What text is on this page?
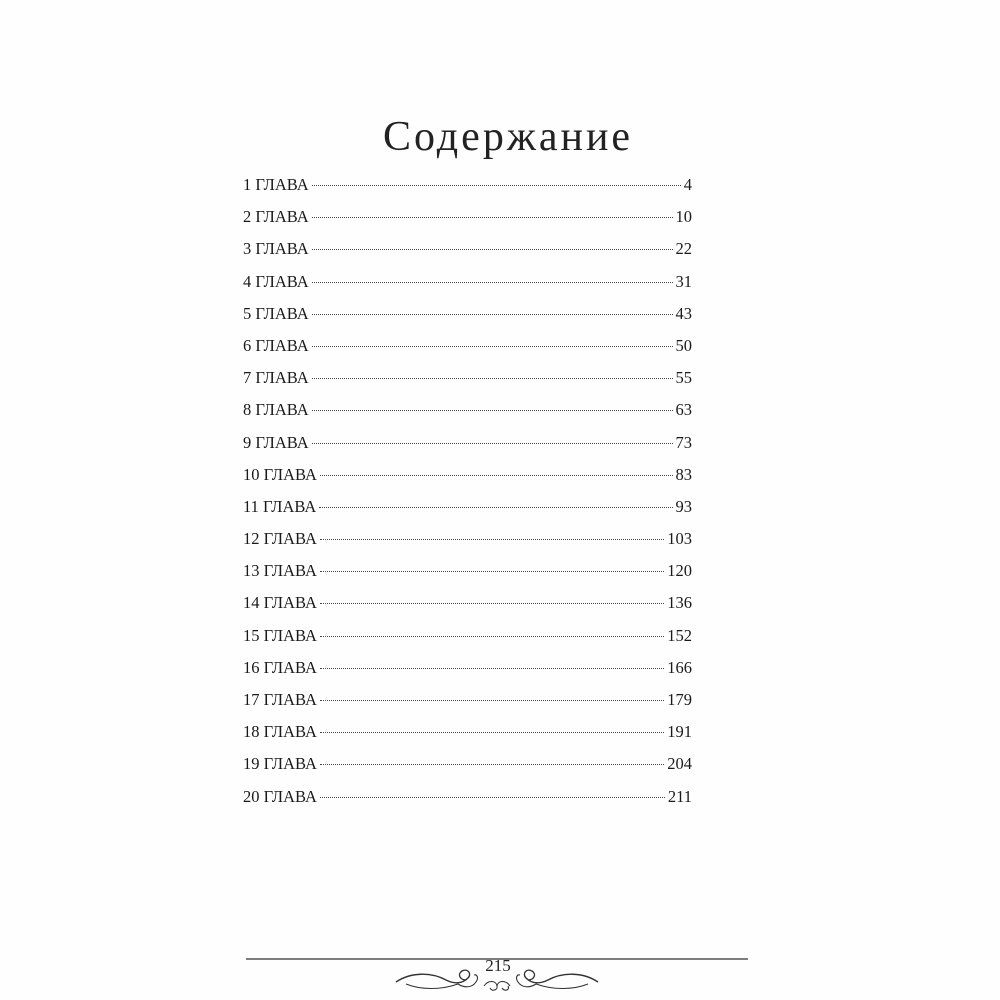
Содержание
1 ГЛАВА	4
2 ГЛАВА	10
3 ГЛАВА	22
4 ГЛАВА	31
5 ГЛАВА	43
6 ГЛАВА	50
7 ГЛАВА	55
8 ГЛАВА	63
9 ГЛАВА	73
10 ГЛАВА	83
11 ГЛАВА	93
12 ГЛАВА	103
13 ГЛАВА	120
14 ГЛАВА	136
15 ГЛАВА	152
16 ГЛАВА	166
17 ГЛАВА	179
18 ГЛАВА	191
19 ГЛАВА	204
20 ГЛАВА	211
215
